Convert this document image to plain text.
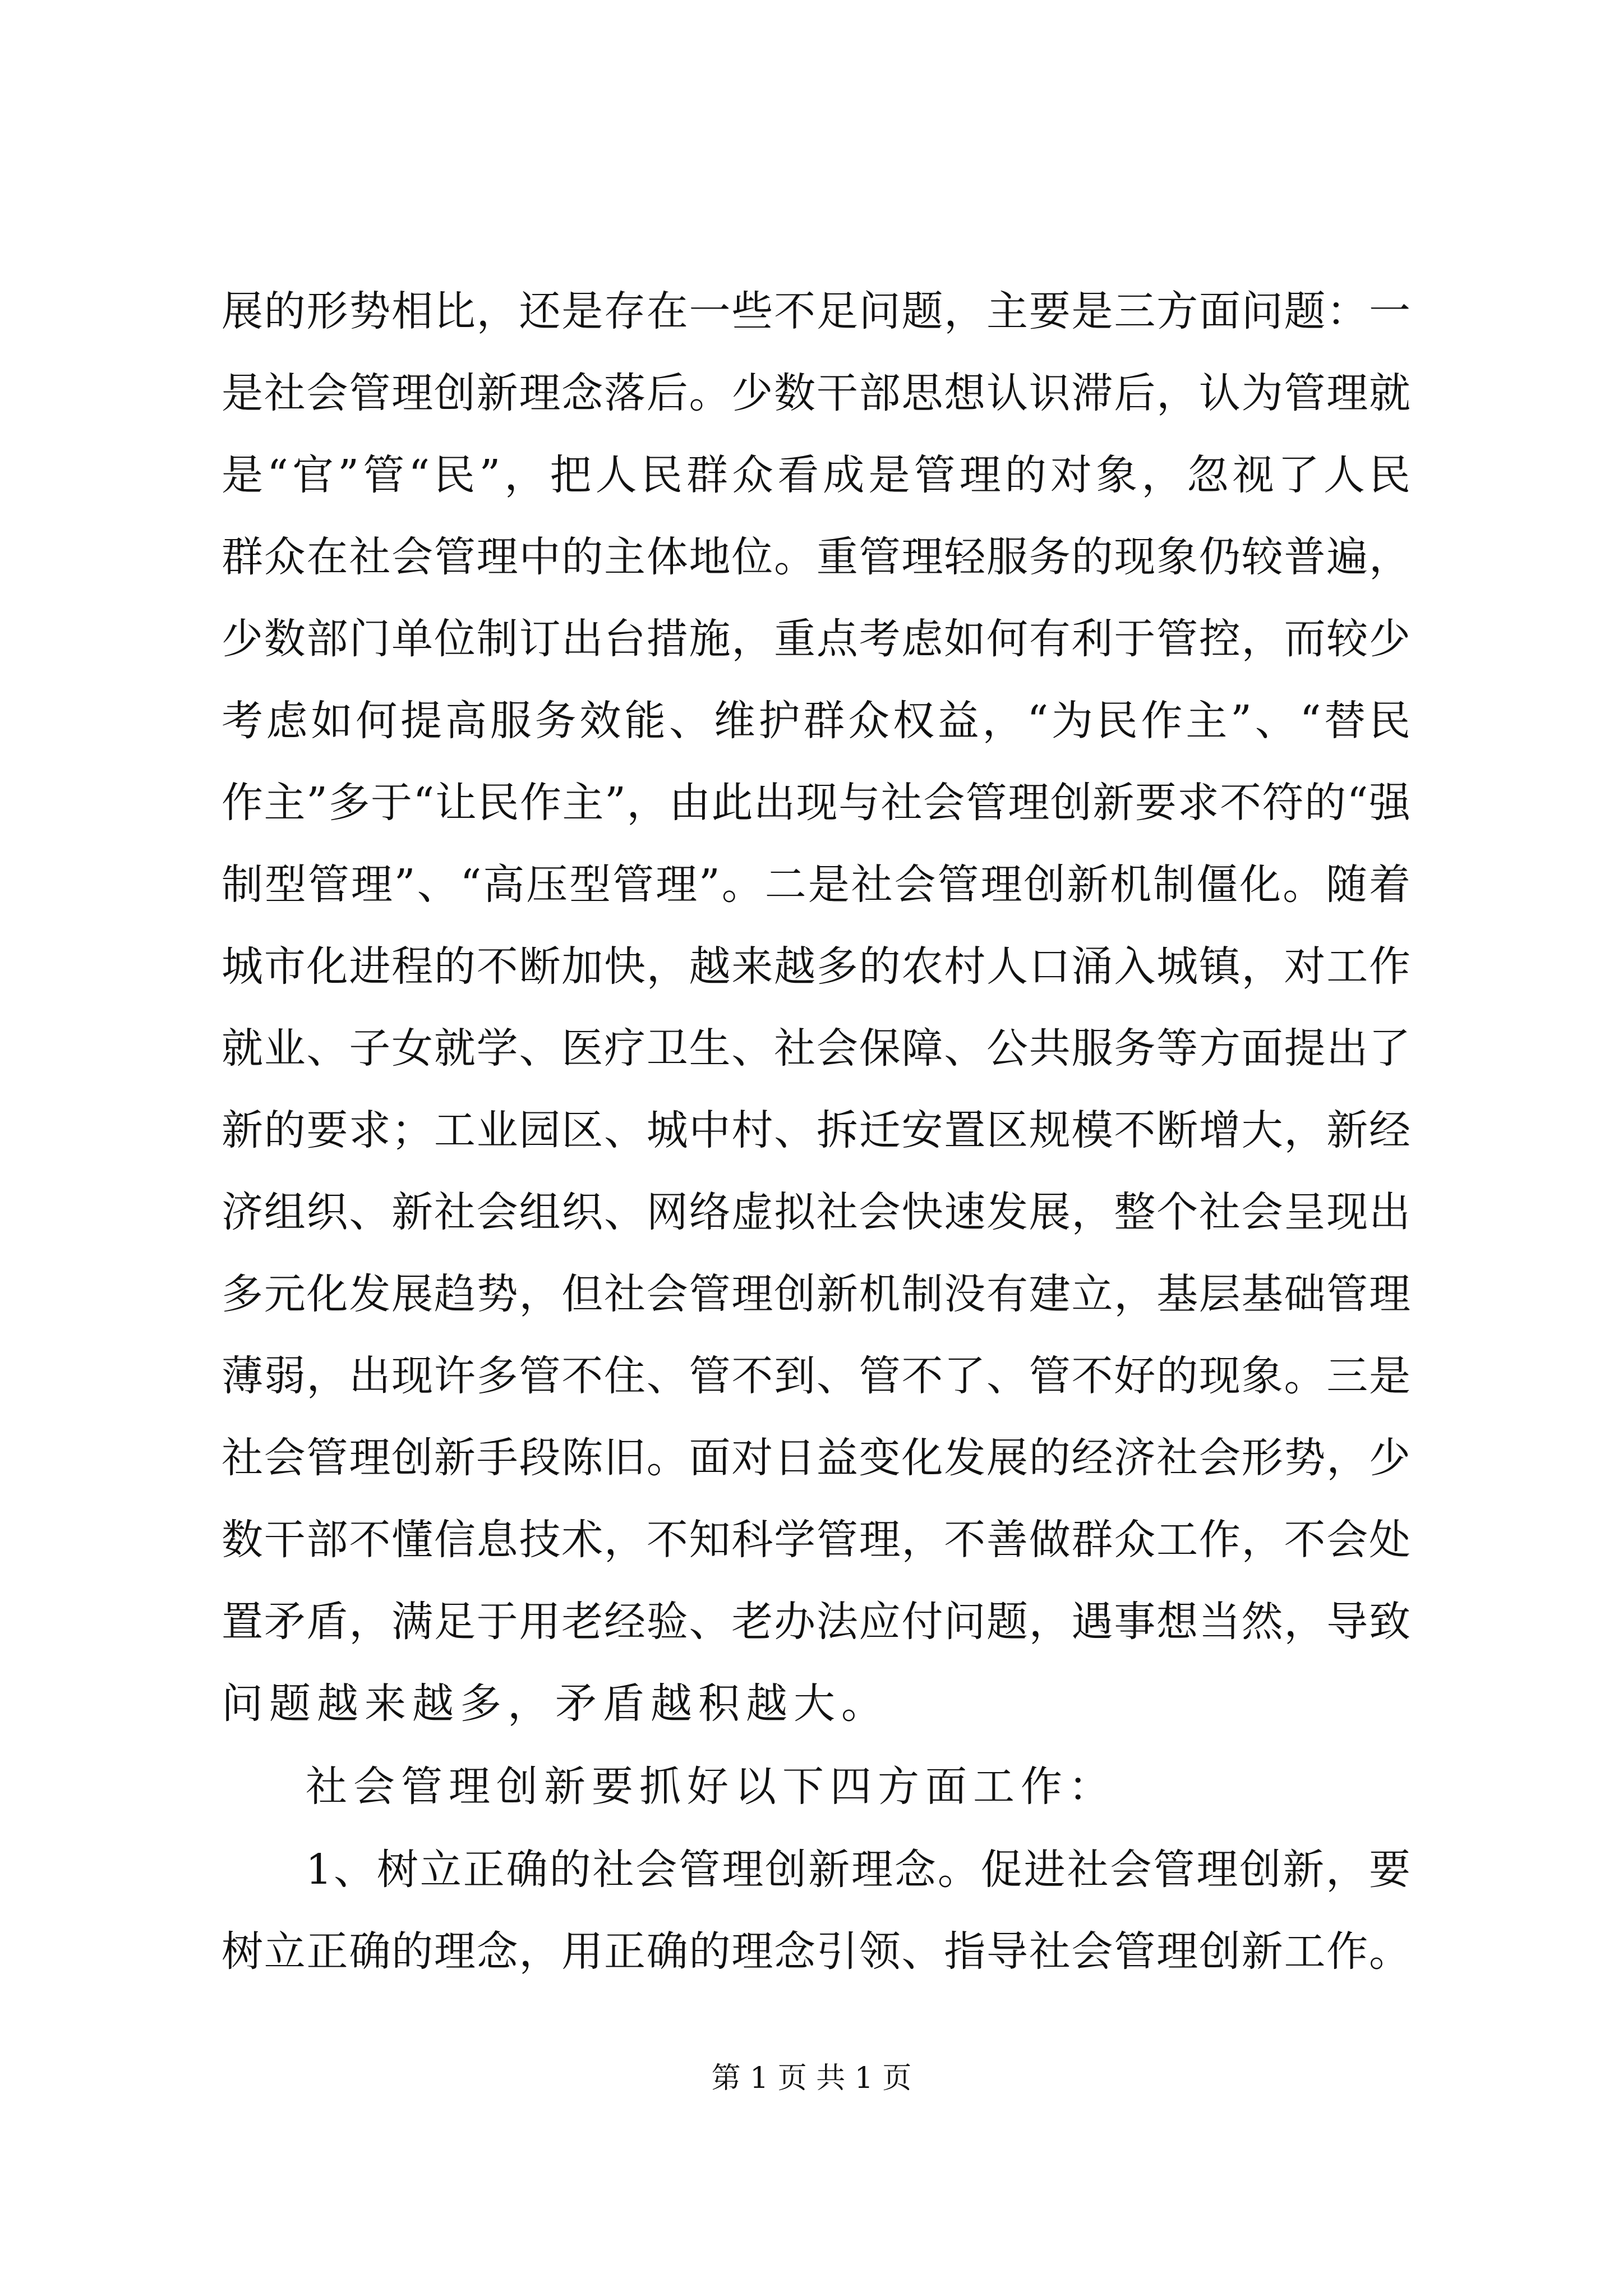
展的形势相比，还是存在一些不足问题，主要是三方面问题：一
是社会管理创新理念落后。少数干部思想认识滞后，认为管理就
是“官”管“民”，把人民群众看成是管理的对象，忽视了人民
群众在社会管理中的主体地位。重管理轻服务的现象仍较普遍，
少数部门单位制订出台措施，重点考虑如何有利于管控，而较少
考虑如何提高服务效能、维护群众权益，“为民作主”、“替民
作主”多于“让民作主”，由此出现与社会管理创新要求不符的“强
制型管理”、“高压型管理”。二是社会管理创新机制僵化。随着
城市化进程的不断加快，越来越多的农村人口涌入城镇，对工作
就业、子女就学、医疗卫生、社会保障、公共服务等方面提出了
新的要求；工业园区、城中村、拆迁安置区规模不断增大，新经
济组织、新社会组织、网络虚拟社会快速发展，整个社会呈现出
多元化发展趋势，但社会管理创新机制没有建立，基层基础管理
薄弱，出现许多管不住、管不到、管不了、管不好的现象。三是
社会管理创新手段陈旧。面对日益变化发展的经济社会形势，少
数干部不懂信息技术，不知科学管理，不善做群众工作，不会处
置矛盾，满足于用老经验、老办法应付问题，遇事想当然，导致
问题越来越多，矛盾越积越大。
社会管理创新要抓好以下四方面工作：
1、树立正确的社会管理创新理念。促进社会管理创新，要
树立正确的理念，用正确的理念引领、指导社会管理创新工作。
第 1 页 共 1 页
